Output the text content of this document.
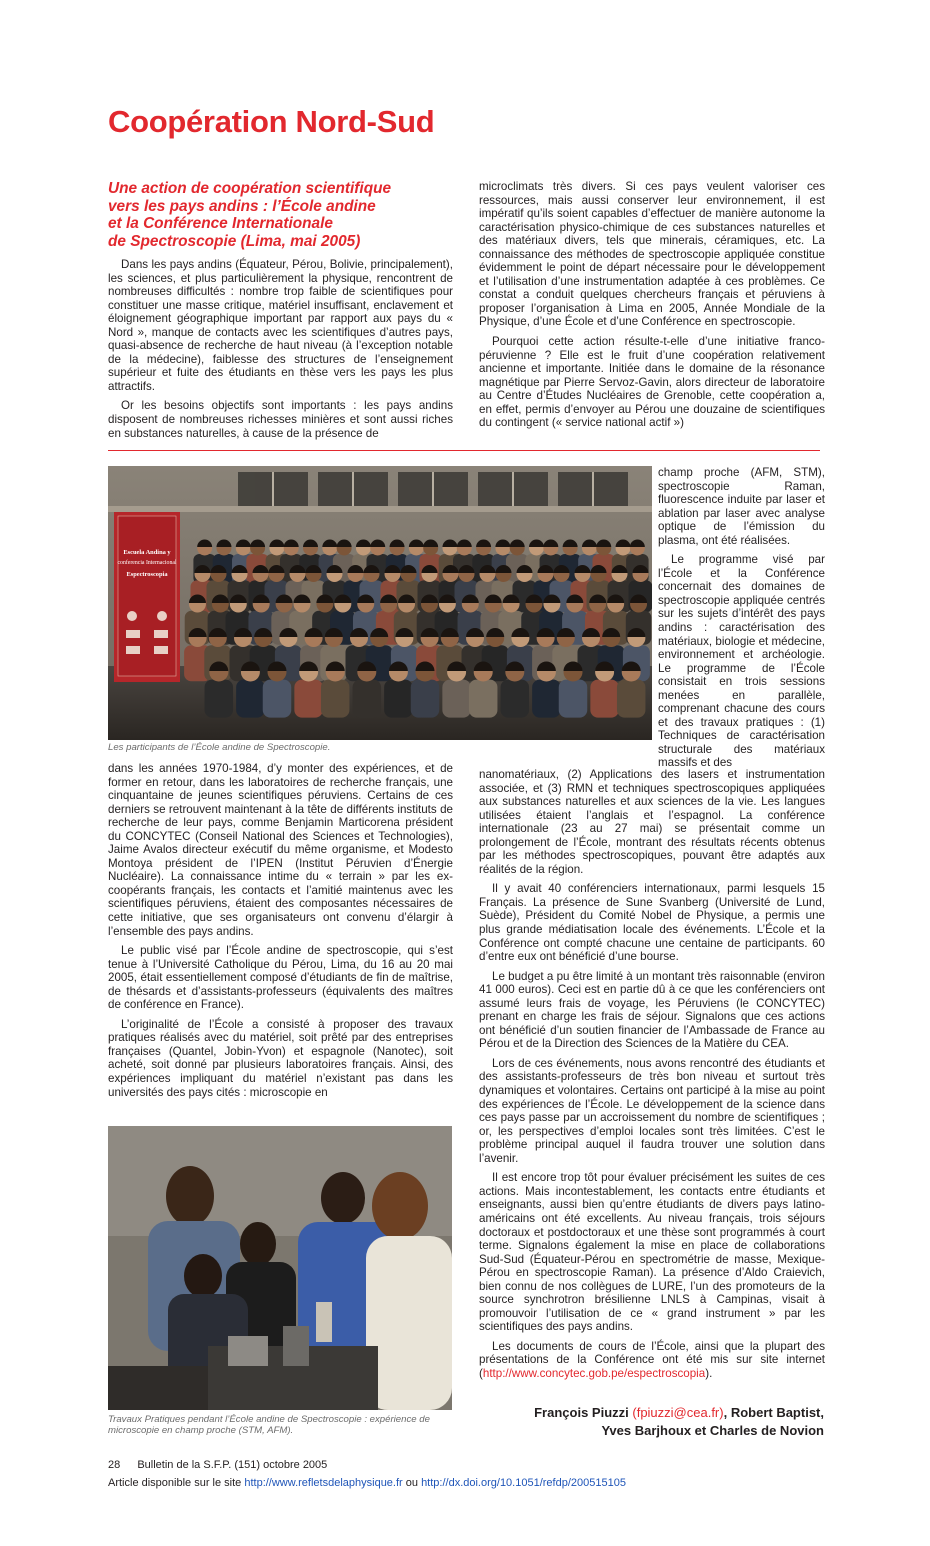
Coopération Nord-Sud
Une action de coopération scientifique
vers les pays andins : l’École andine
et la Conférence Internationale
de Spectroscopie (Lima, mai 2005)

Dans les pays andins (Équateur, Pérou, Bolivie, principalement), les sciences, et plus particulièrement la physique, rencontrent de nombreuses difficultés : nombre trop faible de scientifiques pour constituer une masse critique, matériel insuffisant, enclavement et éloignement géographique important par rapport aux pays du « Nord », manque de contacts avec les scientifiques d’autres pays, quasi-absence de recherche de haut niveau (à l’exception notable de la médecine), faiblesse des structures de l’enseignement supérieur et fuite des étudiants en thèse vers les pays les plus attractifs.

Or les besoins objectifs sont importants : les pays andins disposent de nombreuses richesses minières et sont aussi riches en substances naturelles, à cause de la présence de

microclimats très divers. Si ces pays veulent valoriser ces ressources, mais aussi conserver leur environnement, il est impératif qu’ils soient capables d’effectuer de manière autonome la caractérisation physico-chimique de ces substances naturelles et des matériaux divers, tels que minerais, céramiques, etc. La connaissance des méthodes de spectroscopie appliquée constitue évidemment le point de départ nécessaire pour le développement et l’utilisation d’une instrumentation adaptée à ces problèmes. Ce constat a conduit quelques chercheurs français et péruviens à proposer l’organisation à Lima en 2005, Année Mondiale de la Physique, d’une École et d’une Conférence en spectroscopie.

Pourquoi cette action résulte-t-elle d’une initiative franco-péruvienne ? Elle est le fruit d’une coopération relativement ancienne et importante. Initiée dans le domaine de la résonance magnétique par Pierre Servoz-Gavin, alors directeur de laboratoire au Centre d’Études Nucléaires de Grenoble, cette coopération a, en effet, permis d’envoyer au Pérou une douzaine de scientifiques du contingent (« service national actif »)

Escuela Andina y
conferencia Internacional
Espectroscopia
Les participants de l’École andine de Spectroscopie.

champ proche (AFM, STM), spectroscopie Raman, fluorescence induite par laser et ablation par laser avec analyse optique de l’émission du plasma, ont été réalisées.

Le programme visé par l’École et la Conférence concernait des domaines de spectroscopie appliquée centrés sur les sujets d’intérêt des pays andins : caractérisation des matériaux, biologie et médecine, environnement et archéologie. Le programme de l’École consistait en trois sessions menées en parallèle, comprenant chacune des cours et des travaux pratiques : (1) Techniques de caractérisation structurale des matériaux massifs et des

dans les années 1970-1984, d’y monter des expériences, et de former en retour, dans les laboratoires de recherche français, une cinquantaine de jeunes scientifiques péruviens. Certains de ces derniers se retrouvent maintenant à la tête de différents instituts de recherche de leur pays, comme Benjamin Marticorena président du CONCYTEC (Conseil National des Sciences et Technologies), Jaime Avalos directeur exécutif du même organisme, et Modesto Montoya président de l’IPEN (Institut Péruvien d’Énergie Nucléaire). La connaissance intime du « terrain » par les ex-coopérants français, les contacts et l’amitié maintenus avec les scientifiques péruviens, étaient des composantes nécessaires de cette initiative, que ses organisateurs ont convenu d’élargir à l’ensemble des pays andins.

Le public visé par l’École andine de spectroscopie, qui s’est tenue à l’Université Catholique du Pérou, Lima, du 16 au 20 mai 2005, était essentiellement composé d’étudiants de fin de maîtrise, de thésards et d’assistants-professeurs (équivalents des maîtres de conférence en France).

L’originalité de l’École a consisté à proposer des travaux pratiques réalisés avec du matériel, soit prêté par des entreprises françaises (Quantel, Jobin-Yvon) et espagnole (Nanotec), soit acheté, soit donné par plusieurs laboratoires français. Ainsi, des expériences impliquant du matériel n’existant pas dans les universités des pays cités : microscopie en

nanomatériaux, (2) Applications des lasers et instrumentation associée, et (3) RMN et techniques spectroscopiques appliquées aux substances naturelles et aux sciences de la vie. Les langues utilisées étaient l’anglais et l’espagnol. La conférence internationale (23 au 27 mai) se présentait comme un prolongement de l’École, montrant des résultats récents obtenus par les méthodes spectroscopiques, pouvant être adaptés aux réalités de la région.

Il y avait 40 conférenciers internationaux, parmi lesquels 15 Français. La présence de Sune Svanberg (Université de Lund, Suède), Président du Comité Nobel de Physique, a permis une plus grande médiatisation locale des événements. L’École et la Conférence ont compté chacune une centaine de participants. 60 d’entre eux ont bénéficié d’une bourse.

Le budget a pu être limité à un montant très raisonnable (environ 41 000 euros). Ceci est en partie dû à ce que les conférenciers ont assumé leurs frais de voyage, les Péruviens (le CONCYTEC) prenant en charge les frais de séjour. Signalons que ces actions ont bénéficié d’un soutien financier de l’Ambassade de France au Pérou et de la Direction des Sciences de la Matière du CEA.

Lors de ces événements, nous avons rencontré des étudiants et des assistants-professeurs de très bon niveau et surtout très dynamiques et volontaires. Certains ont participé à la mise au point des expériences de l’École. Le développement de la science dans ces pays passe par un accroissement du nombre de scientifiques ; or, les perspectives d’emploi locales sont très limitées. C’est le problème principal auquel il faudra trouver une solution dans l’avenir.

Il est encore trop tôt pour évaluer précisément les suites de ces actions. Mais incontestablement, les contacts entre étudiants et enseignants, aussi bien qu’entre étudiants de divers pays latino-américains ont été excellents. Au niveau français, trois séjours doctoraux et postdoctoraux et une thèse sont programmés à court terme. Signalons également la mise en place de collaborations Sud-Sud (Équateur-Pérou en spectrométrie de masse, Mexique-Pérou en spectroscopie Raman). La présence d’Aldo Craievich, bien connu de nos collègues de LURE, l’un des promoteurs de la source synchrotron brésilienne LNLS à Campinas, visait à promouvoir l’utilisation de ce « grand instrument » par les scientifiques des pays andins.

Les documents de cours de l’École, ainsi que la plupart des présentations de la Conférence ont été mis sur site internet (http://www.concytec.gob.pe/espectroscopia).

Travaux Pratiques pendant l’École andine de Spectroscopie : expérience de microscopie en champ proche (STM, AFM).
François Piuzzi (fpiuzzi@cea.fr), Robert Baptist,
Yves Barjhoux et Charles de Novion
28 Bulletin de la S.F.P. (151) octobre 2005
Article disponible sur le site http://www.refletsdelaphysique.fr ou http://dx.doi.org/10.1051/refdp/200515105
